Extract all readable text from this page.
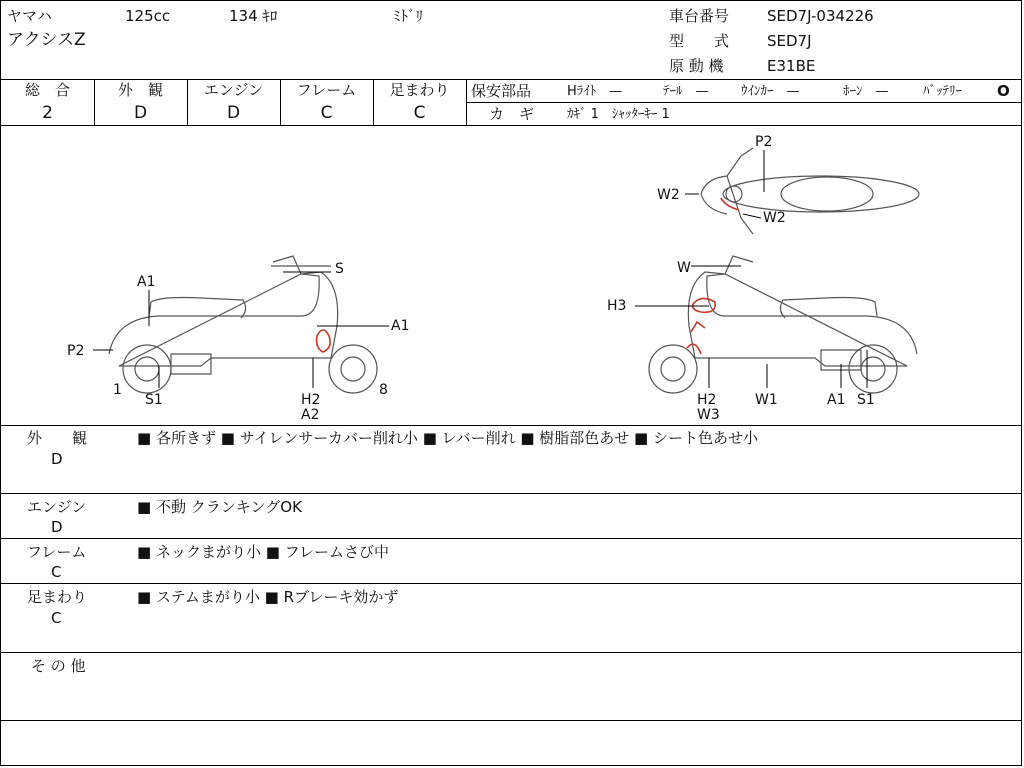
ヤマハ	125cc	134 ｷﾛ	ﾐﾄﾞﾘ
アクシスZ
車台番号	SED7J-034226
型　　式	SED7J
原 動 機	E31BE
総　合
2
外　観
D
エンジン
D
フレーム
C
足まわり
C
保安部品	Hﾗｲﾄ　—	ﾃｰﾙ　— ｳｲﾝｶｰ　—	ﾎｰﾝ　—	ﾊﾞｯﾃﾘｰ O
カ　ギ	ｶｷﾞ 1　ｼｬｯﾀｰｷｰ 1
S
A1
A1
P2
1
S1	H2
A2
8
P2
W2
W2
W
H3
H2
W3
W1	A1 S1
外　　観
D
■ 各所きず ■ サイレンサーカバー削れ小 ■ レバー削れ ■ 樹脂部色あせ ■ シート色あせ小
エンジン
D
■ 不動 クランキングOK
フレーム
C
■ ネックまがり小 ■ フレームさび中
足まわり
C
■ ステムまがり小 ■ Rブレーキ効かず
そ の 他
